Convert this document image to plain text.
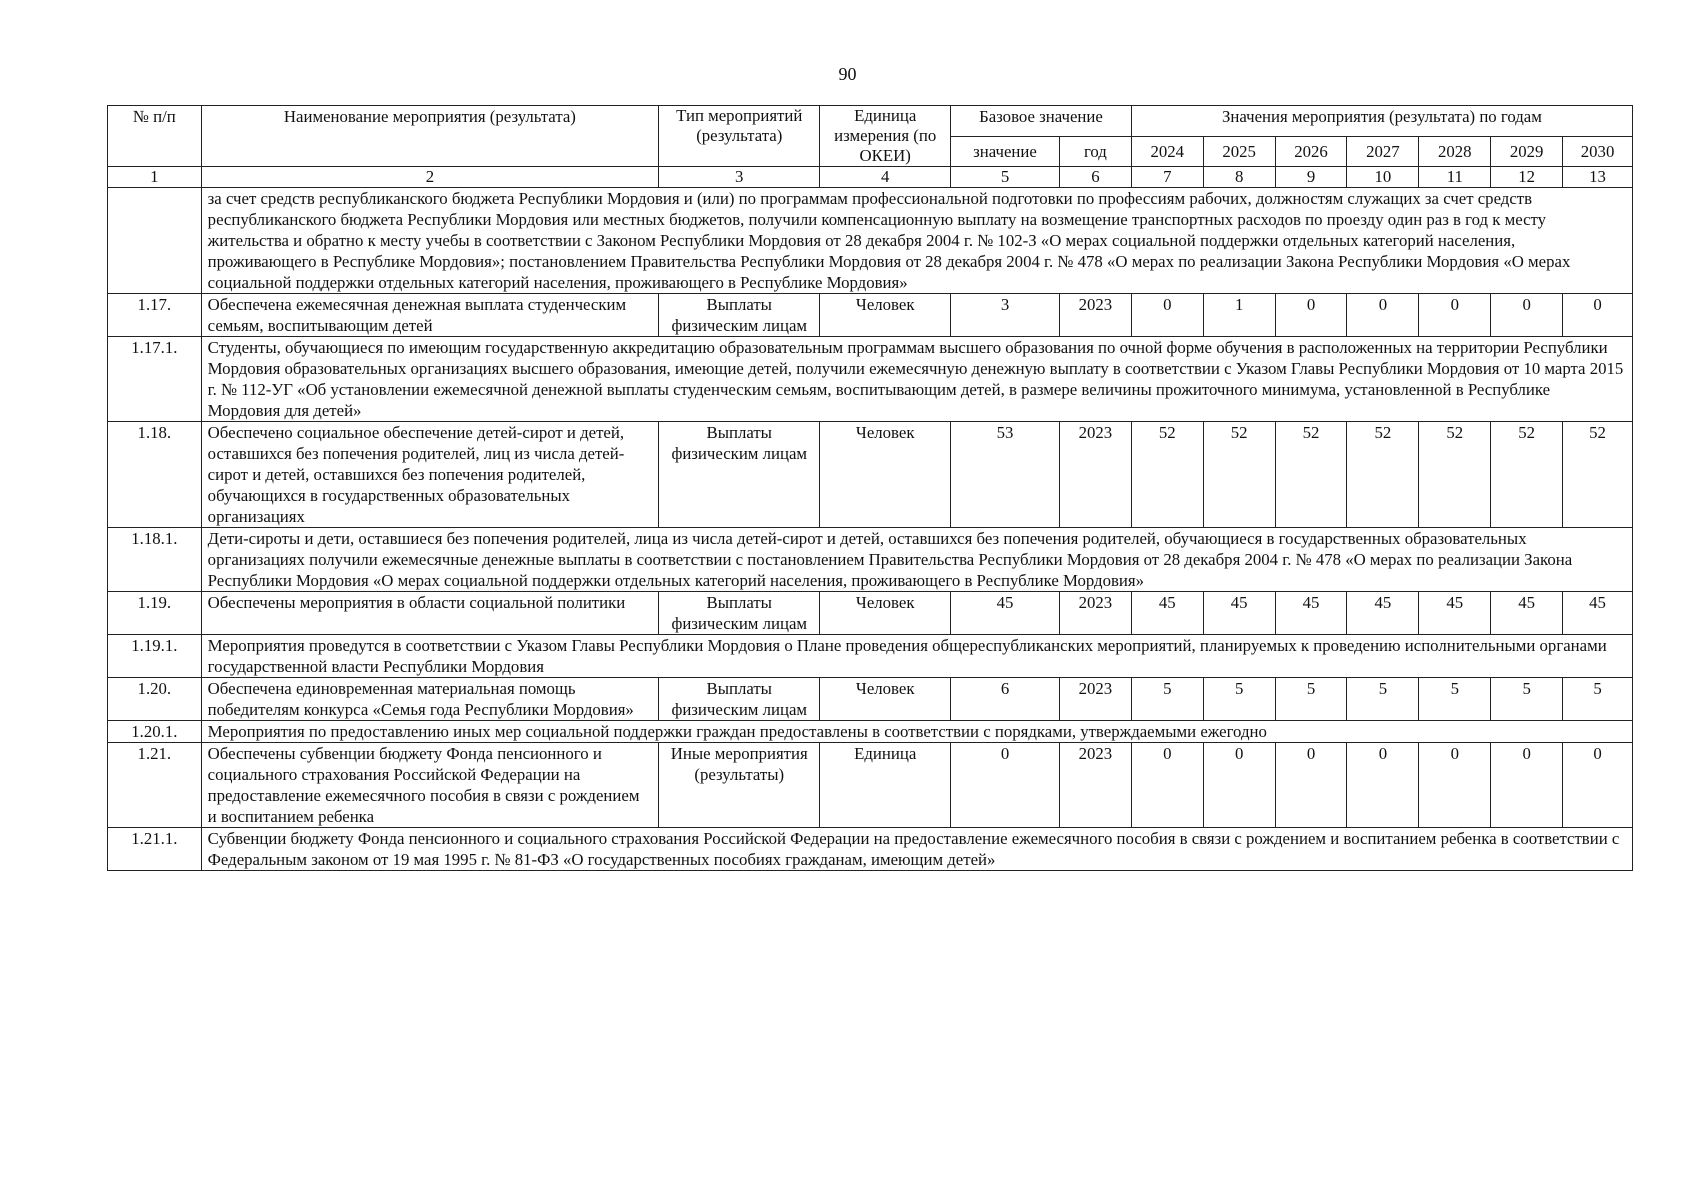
90
№ п/п	Наименование мероприятия (результата)	Тип мероприятий (результата)	Единица измерения (по ОКЕИ)	Базовое значение		Значения мероприятия (результата) по годам						
				значение	год	2024	2025	2026	2027	2028	2029	2030
1	2	3	4	5	6	7	8	9	10	11	12	13
	за счет средств республиканского бюджета Республики Мордовия и (или) по программам профессиональной подготовки по профессиям рабочих, должностям служащих за счет средств республиканского бюджета Республики Мордовия или местных бюджетов, получили компенсационную выплату на возмещение транспортных расходов по проезду один раз в год к месту жительства и обратно к месту учебы в соответствии с Законом Республики Мордовия от 28 декабря 2004 г. № 102-З «О мерах социальной поддержки отдельных категорий населения, проживающего в Республике Мордовия»; постановлением Правительства Республики Мордовия от 28 декабря 2004 г. № 478 «О мерах по реализации Закона Республики Мордовия «О мерах социальной поддержки отдельных категорий населения, проживающего в Республике Мордовия»											
1.17.	Обеспечена ежемесячная денежная выплата студенческим семьям, воспитывающим детей	Выплаты физическим лицам	Человек	3	2023	0	1	0	0	0	0	0
1.17.1.	Студенты, обучающиеся по имеющим государственную аккредитацию образовательным программам высшего образования по очной форме обучения в расположенных на территории Республики Мордовия образовательных организациях высшего образования, имеющие детей, получили ежемесячную денежную выплату в соответствии с Указом Главы Республики Мордовия от 10 марта 2015 г. № 112-УГ «Об установлении ежемесячной денежной выплаты студенческим семьям, воспитывающим детей, в размере величины прожиточного минимума, установленной в Республике Мордовия для детей»											
1.18.	Обеспечено социальное обеспечение детей-сирот и детей, оставшихся без попечения родителей, лиц из числа детей-сирот и детей, оставшихся без попечения родителей, обучающихся в государственных образовательных организациях	Выплаты физическим лицам	Человек	53	2023	52	52	52	52	52	52	52
1.18.1.	Дети-сироты и дети, оставшиеся без попечения родителей, лица из числа детей-сирот и детей, оставшихся без попечения родителей, обучающиеся в государственных образовательных организациях получили ежемесячные денежные выплаты в соответствии с постановлением Правительства Республики Мордовия от 28 декабря 2004 г. № 478 «О мерах по реализации Закона Республики Мордовия «О мерах социальной поддержки отдельных категорий населения, проживающего в Республике Мордовия»											
1.19.	Обеспечены мероприятия в области социальной политики	Выплаты физическим лицам	Человек	45	2023	45	45	45	45	45	45	45
1.19.1.	Мероприятия проведутся в соответствии с Указом Главы Республики Мордовия о Плане проведения общереспубликанских мероприятий, планируемых к проведению исполнительными органами государственной власти Республики Мордовия											
1.20.	Обеспечена единовременная материальная помощь победителям конкурса «Семья года Республики Мордовия»	Выплаты физическим лицам	Человек	6	2023	5	5	5	5	5	5	5
1.20.1.	Мероприятия по предоставлению иных мер социальной поддержки граждан предоставлены в соответствии с порядками, утверждаемыми ежегодно											
1.21.	Обеспечены субвенции бюджету Фонда пенсионного и социального страхования Российской Федерации на предоставление ежемесячного пособия в связи с рождением и воспитанием ребенка	Иные мероприятия (результаты)	Единица	0	2023	0	0	0	0	0	0	0
1.21.1.	Субвенции бюджету Фонда пенсионного и социального страхования Российской Федерации на предоставление ежемесячного пособия в связи с рождением и воспитанием ребенка в соответствии с Федеральным законом от 19 мая 1995 г. № 81-ФЗ «О государственных пособиях гражданам, имеющим детей»											
